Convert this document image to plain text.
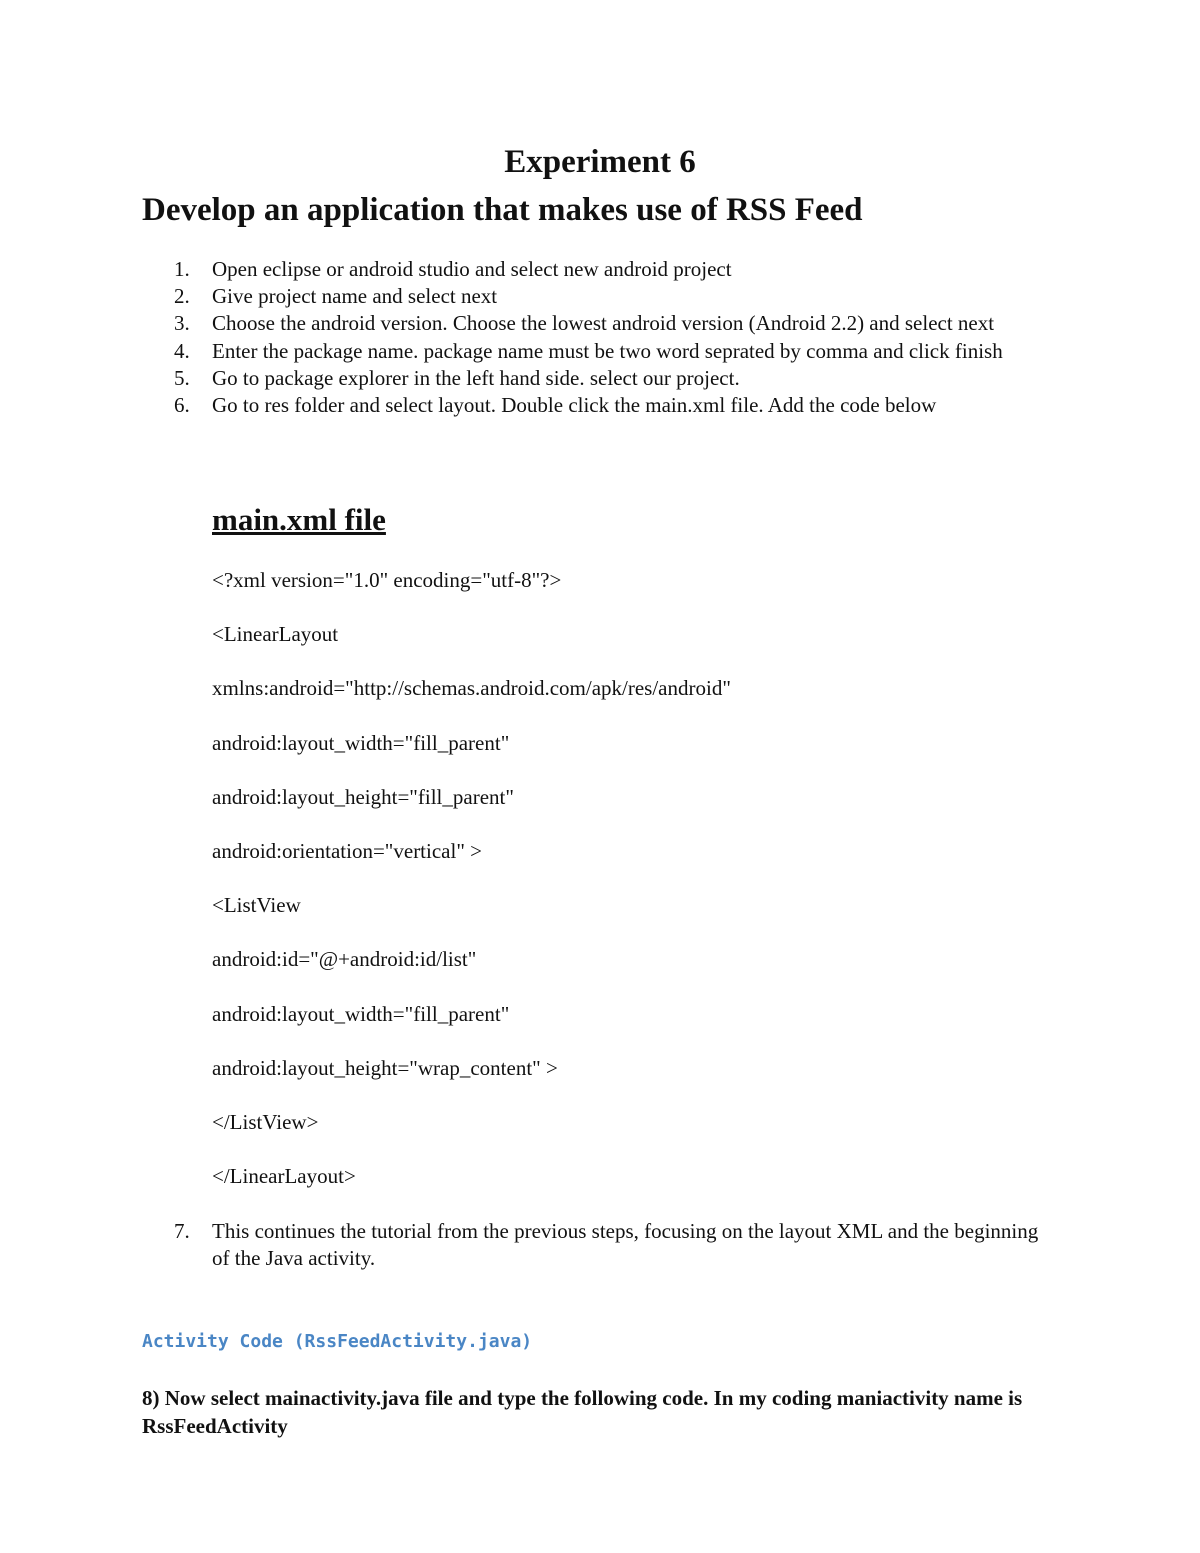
Experiment 6
Develop an application that makes use of RSS Feed
1. Open eclipse or android studio and select new android project
2. Give project name and select next
3. Choose the android version. Choose the lowest android version (Android 2.2) and select next
4. Enter the package name. package name must be two word seprated by comma and click finish
5. Go to package explorer in the left hand side. select our project.
6. Go to res folder and select layout. Double click the main.xml file. Add the code below
main.xml file
<?xml version="1.0" encoding="utf-8"?>
<LinearLayout
xmlns:android="http://schemas.android.com/apk/res/android"
android:layout_width="fill_parent"
android:layout_height="fill_parent"
android:orientation="vertical" >
<ListView
android:id="@+android:id/list"
android:layout_width="fill_parent"
android:layout_height="wrap_content" >
</ListView>
</LinearLayout>
7. This continues the tutorial from the previous steps, focusing on the layout XML and the beginning of the Java activity.
Activity Code (RssFeedActivity.java)

8) Now select mainactivity.java file and type the following code. In my coding maniactivity name is RssFeedActivity
